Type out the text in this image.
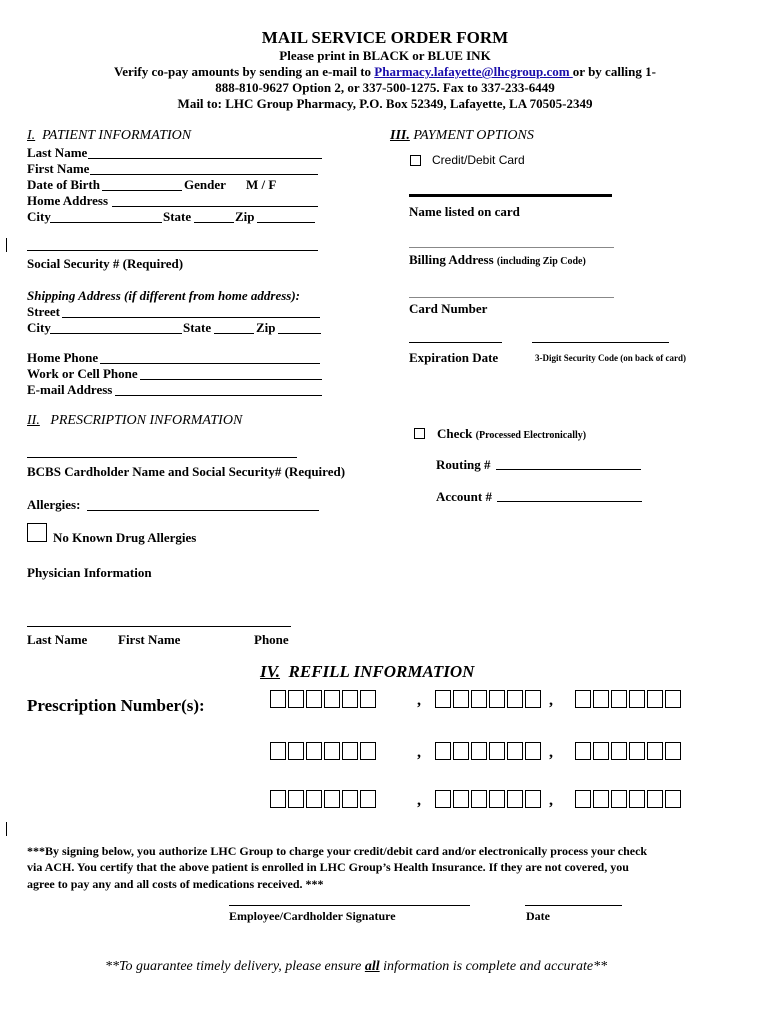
MAIL SERVICE ORDER FORM
Please print in BLACK or BLUE INK
Verify co-pay amounts by sending an e-mail to Pharmacy.lafayette@lhcgroup.com or by calling 1-
888-810-9627 Option 2, or 337-500-1275. Fax to 337-233-6449
Mail to: LHC Group Pharmacy, P.O. Box 52349, Lafayette, LA 70505-2349
I. PATIENT INFORMATION
Last Name
First Name
Date of Birth	Gender M / F
Home Address
City	State	Zip
Social Security # (Required)
Shipping Address (if different from home address):
Street
City	State	Zip
Home Phone
Work or Cell Phone
E-mail Address
III. PAYMENT OPTIONS
Credit/Debit Card
Name listed on card
Billing Address (including Zip Code)
Card Number
Expiration Date	3-Digit Security Code (on back of card)
Check (Processed Electronically)
Routing #
Account #
II. PRESCRIPTION INFORMATION
BCBS Cardholder Name and Social Security# (Required)
Allergies:
No Known Drug Allergies
Physician Information
Last Name First Name	Phone
IV. REFILL INFORMATION
Prescription Number(s):	,	,
,	,
,	,
***By signing below, you authorize LHC Group to charge your credit/debit card and/or electronically process your check
via ACH. You certify that the above patient is enrolled in LHC Group’s Health Insurance. If they are not covered, you
agree to pay any and all costs of medications received. ***
Employee/Cardholder Signature	Date
**To guarantee timely delivery, please ensure all information is complete and accurate**
